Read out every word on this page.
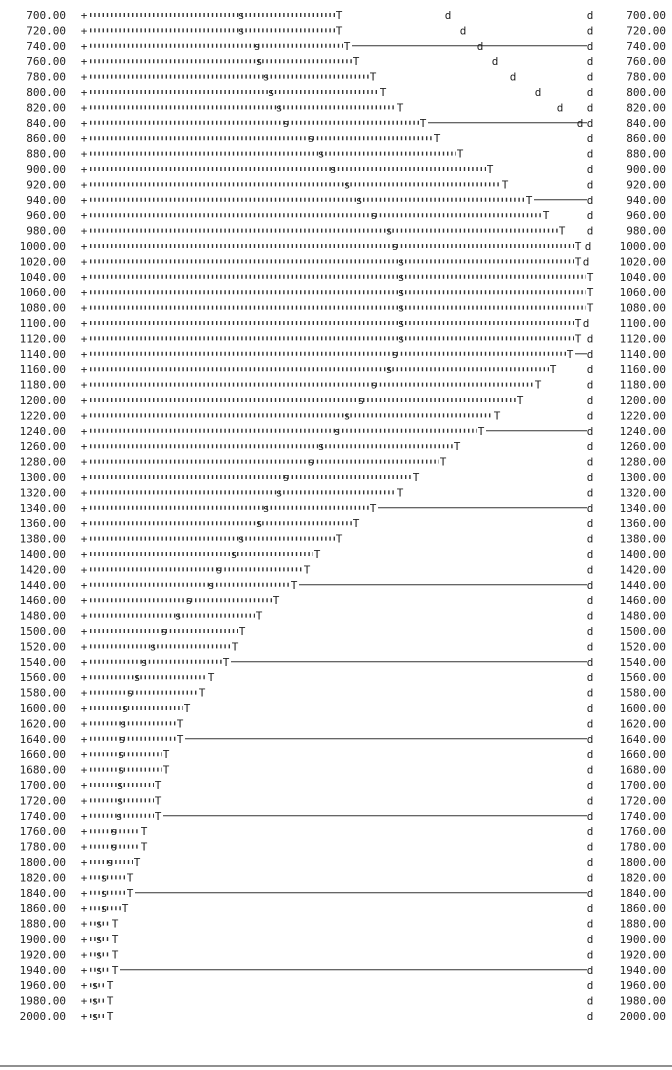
700.00 +	s	T	d	d	700.00
720.00 +	s	T	d	d	720.00
740.00 +	s	T	d	d	740.00
760.00 +	s	T	d	d	760.00
780.00 +	s	T	d	d	780.00
800.00 +	s	T	d	d	800.00
820.00 +	s	T	d d	820.00
840.00 +	s	T	d d	840.00
860.00 +	s	T	d	860.00
880.00 +	s	T	d	880.00
900.00 +	s	T	d	900.00
920.00 +	s	T	d	920.00
940.00 +	s	T	d	940.00
960.00 +	s	T	d	960.00
980.00 +	s	T d	980.00
1000.00 +	s	T d	1000.00
1020.00 +	s	T d	1020.00
1040.00 +	s	T 1040.00
1060.00 +	s	T 1060.00
1080.00 +	s	T 1080.00
1100.00 +	s	T d	1100.00
1120.00 +	s	T d 1120.00
1140.00 +	s	T d 1140.00
1160.00 +	s	T	d 1160.00
1180.00 +	s	T	d 1180.00
1200.00 +	s	T	d 1200.00
1220.00 +	s	T	d 1220.00
1240.00 +	s	T	d 1240.00
1260.00 +	s	T	d 1260.00
1280.00 +	s	T	d 1280.00
1300.00 +	s	T	d 1300.00
1320.00 +	s	T	d 1320.00
1340.00 +	s	T	d 1340.00
1360.00 +	s	T	d 1360.00
1380.00 +	s	T	d 1380.00
1400.00 +	s	T	d 1400.00
1420.00 +	s	T	d 1420.00
1440.00 +	s	T	d 1440.00
1460.00 +	s	T	d 1460.00
1480.00 +	s	T	d 1480.00
1500.00 +	s	T	d 1500.00
1520.00 +	s	T	d 1520.00
1540.00 +	s	T	d 1540.00
1560.00 +	s	T	d 1560.00
1580.00 +	s	T	d 1580.00
1600.00 +	s	T	d 1600.00
1620.00 +	s	T	d 1620.00
1640.00 +	s	T	d 1640.00
1660.00 +	s	T	d 1660.00
1680.00 +	s	T	d 1680.00
1700.00 +	s	T	d 1700.00
1720.00 +	s	T	d 1720.00
1740.00 +	s	T	d 1740.00
1760.00 + s T	d 1760.00
1780.00 + s T	d 1780.00
1800.00 + s T	d 1800.00
1820.00 + s T	d 1820.00
1840.00 + s T	d 1840.00
1860.00 + s T	d 1860.00
1880.00 + s T	d 1880.00
1900.00 + s T	d 1900.00
1920.00 + s T	d 1920.00
1940.00 + s T	d 1940.00
1960.00 + s T	d 1960.00
1980.00 + s T	d 1980.00
2000.00 + s T	d 2000.00
